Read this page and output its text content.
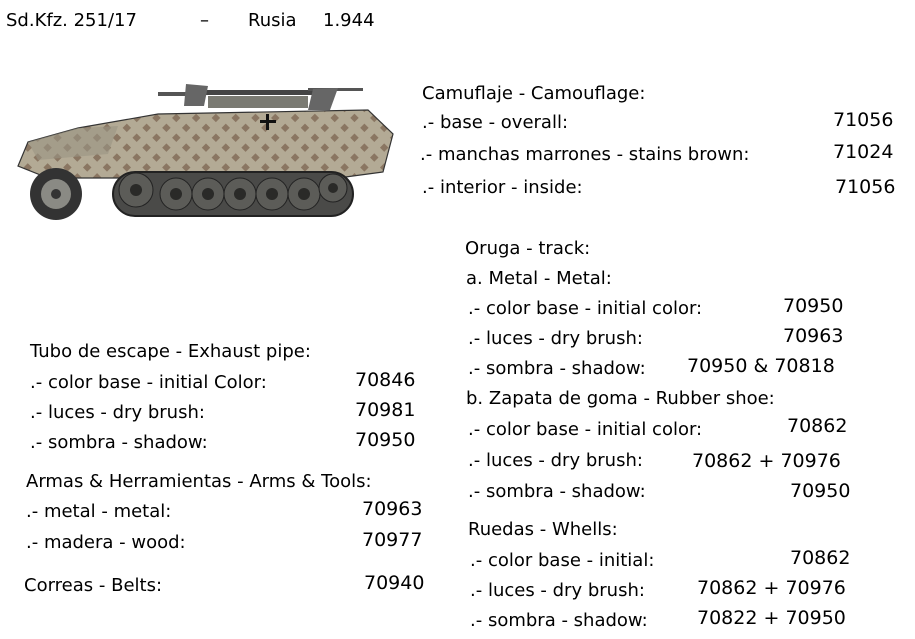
Sd.Kfz. 251/17	– Rusia 1.944
Camuflaje - Camouflage:
.- base - overall:	71056
.- manchas marrones - stains brown:	71024
.- interior - inside:	71056
Oruga - track:
a. Metal - Metal:
.- color base - initial color:	70950
.- luces - dry brush:	70963
.- sombra - shadow: 70950 & 70818
b. Zapata de goma - Rubber shoe:
.- color base - initial color:	70862
.- luces - dry brush:	70862 + 70976
.- sombra - shadow:	70950
Ruedas - Whells:
.- color base - initial:	70862
.- luces - dry brush:	70862 + 70976
.- sombra - shadow:	70822 + 70950
Tubo de escape - Exhaust pipe:
.- color base - initial Color:	70846
.- luces - dry brush:	70981
.- sombra - shadow:	70950
Armas & Herramientas - Arms & Tools:
.- metal - metal:	70963
.- madera - wood:	70977
Correas - Belts:	70940
